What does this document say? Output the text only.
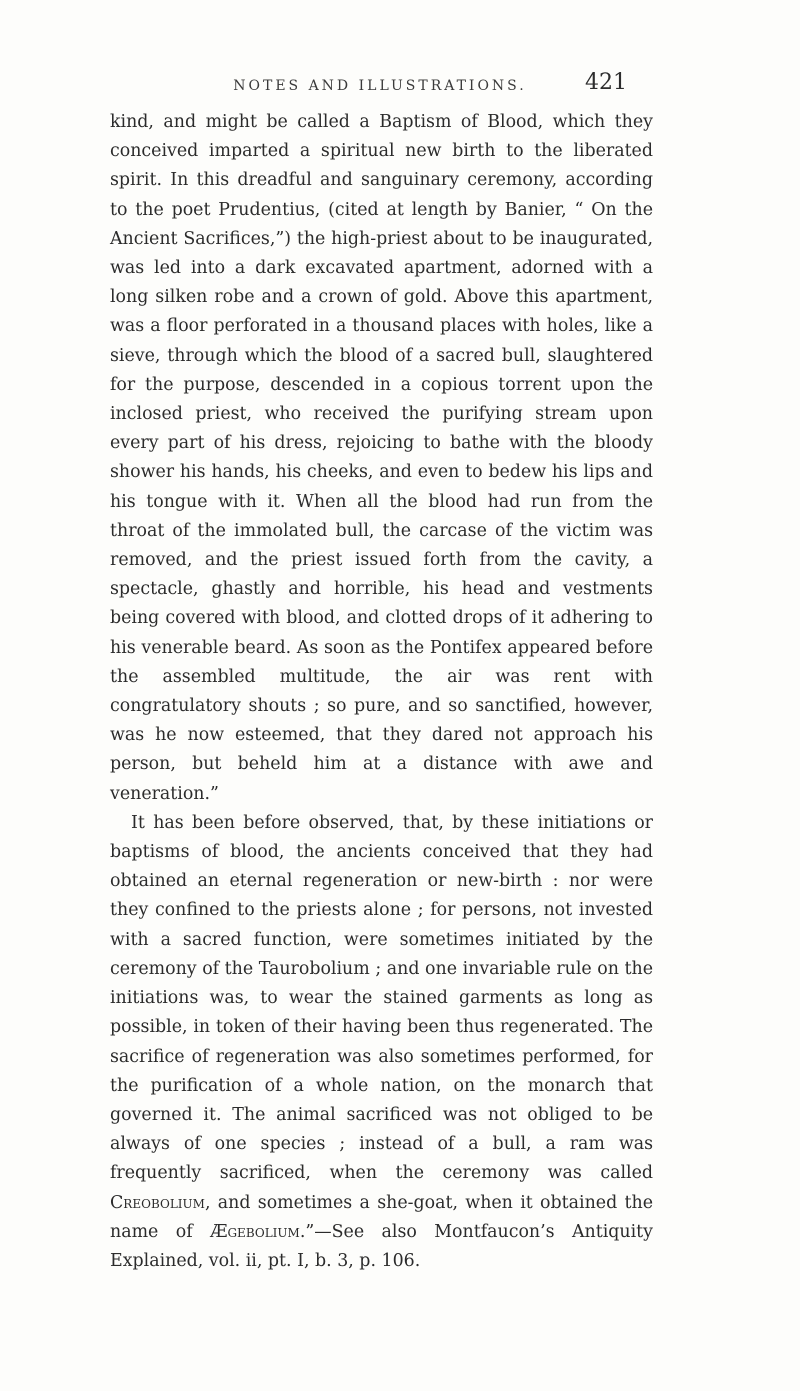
NOTES AND ILLUSTRATIONS.	421

kind, and might be called a Baptism of Blood, which they conceived imparted a spiritual new birth to the liberated spirit. In this dreadful and sanguinary ceremony, according to the poet Prudentius, (cited at length by Banier, “ On the Ancient Sacrifices,”) the high-priest about to be inaugurated, was led into a dark excavated apartment, adorned with a long silken robe and a crown of gold. Above this apartment, was a floor perforated in a thousand places with holes, like a sieve, through which the blood of a sacred bull, slaughtered for the purpose, descended in a copious torrent upon the inclosed priest, who received the purifying stream upon every part of his dress, rejoicing to bathe with the bloody shower his hands, his cheeks, and even to bedew his lips and his tongue with it. When all the blood had run from the throat of the immolated bull, the carcase of the victim was removed, and the priest issued forth from the cavity, a spectacle, ghastly and horrible, his head and vestments being covered with blood, and clotted drops of it adhering to his venerable beard. As soon as the Pontifex appeared before the assembled multitude, the air was rent with congratulatory shouts ; so pure, and so sanctified, however, was he now esteemed, that they dared not approach his person, but beheld him at a distance with awe and veneration.”

It has been before observed, that, by these initiations or baptisms of blood, the ancients conceived that they had obtained an eternal regeneration or new-birth : nor were they confined to the priests alone ; for persons, not invested with a sacred function, were sometimes initiated by the ceremony of the Taurobolium ; and one invariable rule on the initiations was, to wear the stained garments as long as possible, in token of their having been thus regenerated. The sacrifice of regeneration was also sometimes performed, for the purification of a whole nation, on the monarch that governed it. The animal sacrificed was not obliged to be always of one species ; instead of a bull, a ram was frequently sacrificed, when the ceremony was called Creobolium, and sometimes a she-goat, when it obtained the name of Ægebolium.”—See also Montfaucon’s Antiquity Explained, vol. ii, pt. I, b. 3, p. 106.
